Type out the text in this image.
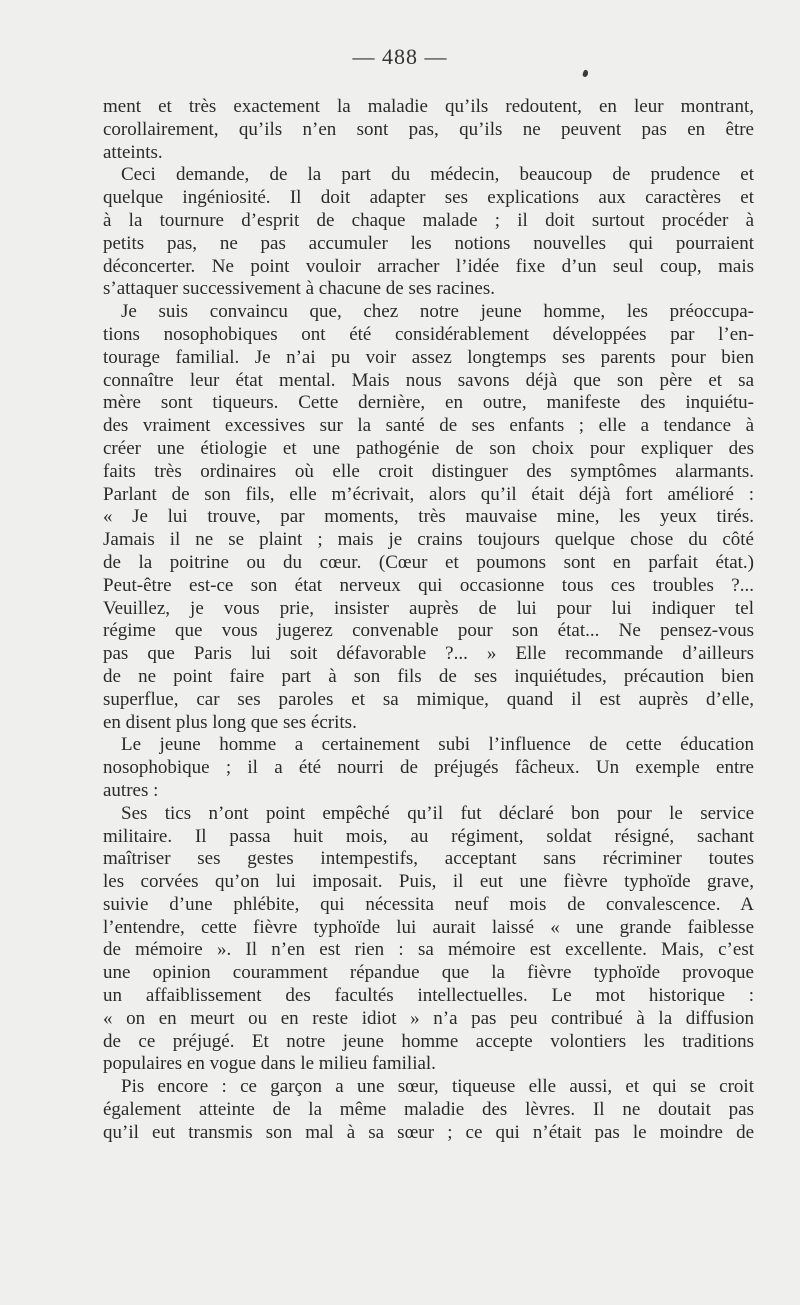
— 488 —
ment et très exactement la maladie qu’ils redoutent, en leur montrant,
corollairement, qu’ils n’en sont pas, qu’ils ne peuvent pas en être
atteints.
Ceci demande, de la part du médecin, beaucoup de prudence et
quelque ingéniosité. Il doit adapter ses explications aux caractères et
à la tournure d’esprit de chaque malade ; il doit surtout procéder à
petits pas, ne pas accumuler les notions nouvelles qui pourraient
déconcerter. Ne point vouloir arracher l’idée fixe d’un seul coup, mais
s’attaquer successivement à chacune de ses racines.
Je suis convaincu que, chez notre jeune homme, les préoccupa-
tions nosophobiques ont été considérablement développées par l’en-
tourage familial. Je n’ai pu voir assez longtemps ses parents pour bien
connaître leur état mental. Mais nous savons déjà que son père et sa
mère sont tiqueurs. Cette dernière, en outre, manifeste des inquiétu-
des vraiment excessives sur la santé de ses enfants ; elle a tendance à
créer une étiologie et une pathogénie de son choix pour expliquer des
faits très ordinaires où elle croit distinguer des symptômes alarmants.
Parlant de son fils, elle m’écrivait, alors qu’il était déjà fort amélioré :
« Je lui trouve, par moments, très mauvaise mine, les yeux tirés.
Jamais il ne se plaint ; mais je crains toujours quelque chose du côté
de la poitrine ou du cœur. (Cœur et poumons sont en parfait état.)
Peut-être est-ce son état nerveux qui occasionne tous ces troubles ?...
Veuillez, je vous prie, insister auprès de lui pour lui indiquer tel
régime que vous jugerez convenable pour son état... Ne pensez-vous
pas que Paris lui soit défavorable ?... » Elle recommande d’ailleurs
de ne point faire part à son fils de ses inquiétudes, précaution bien
superflue, car ses paroles et sa mimique, quand il est auprès d’elle,
en disent plus long que ses écrits.
Le jeune homme a certainement subi l’influence de cette éducation
nosophobique ; il a été nourri de préjugés fâcheux. Un exemple entre
autres :
Ses tics n’ont point empêché qu’il fut déclaré bon pour le service
militaire. Il passa huit mois, au régiment, soldat résigné, sachant
maîtriser ses gestes intempestifs, acceptant sans récriminer toutes
les corvées qu’on lui imposait. Puis, il eut une fièvre typhoïde grave,
suivie d’une phlébite, qui nécessita neuf mois de convalescence. A
l’entendre, cette fièvre typhoïde lui aurait laissé « une grande faiblesse
de mémoire ». Il n’en est rien : sa mémoire est excellente. Mais, c’est
une opinion couramment répandue que la fièvre typhoïde provoque
un affaiblissement des facultés intellectuelles. Le mot historique :
« on en meurt ou en reste idiot » n’a pas peu contribué à la diffusion
de ce préjugé. Et notre jeune homme accepte volontiers les traditions
populaires en vogue dans le milieu familial.
Pis encore : ce garçon a une sœur, tiqueuse elle aussi, et qui se croit
également atteinte de la même maladie des lèvres. Il ne doutait pas
qu’il eut transmis son mal à sa sœur ; ce qui n’était pas le moindre de
